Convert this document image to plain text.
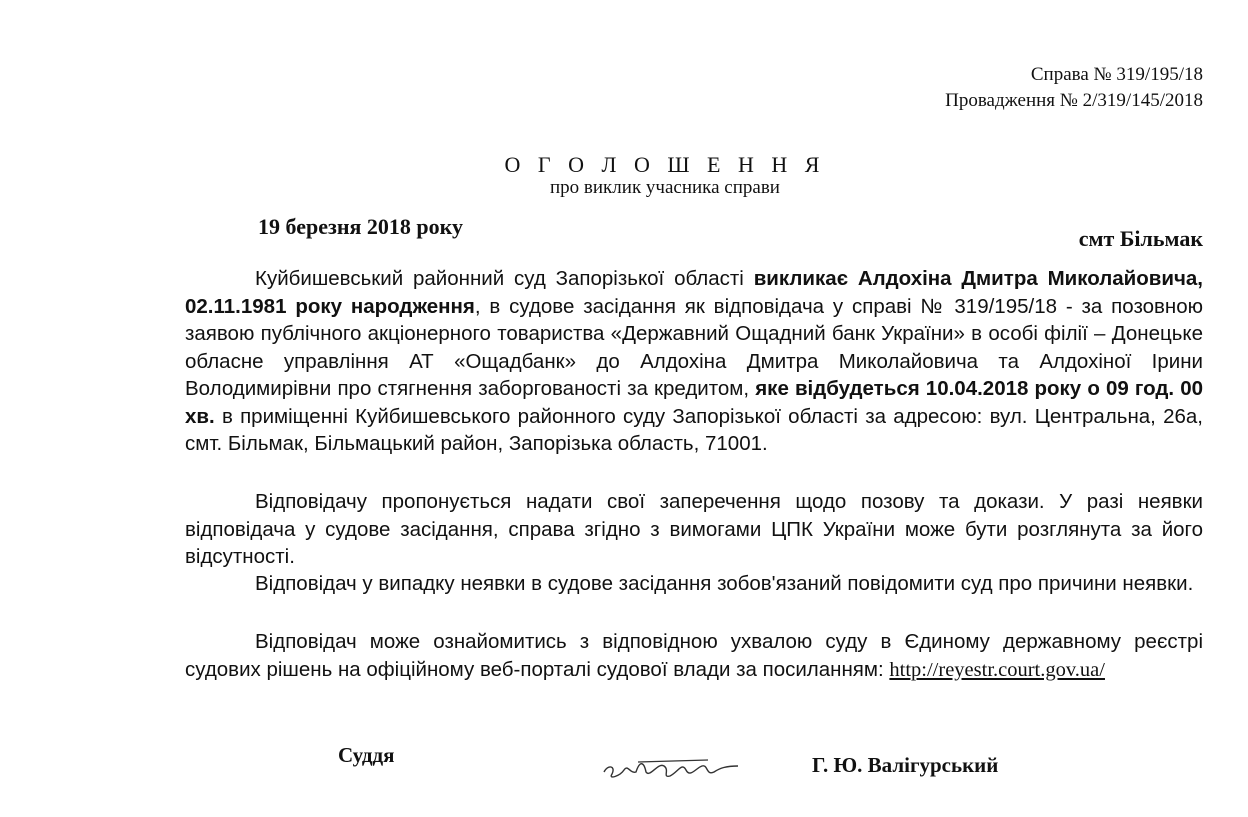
Справа № 319/195/18
Провадження № 2/319/145/2018
О Г О Л О Ш Е Н Н Я
про виклик учасника справи
19 березня 2018 року	смт Більмак
Куйбишевський районний суд Запорізької області викликає Алдохіна Дмитра Миколайовича, 02.11.1981 року народження, в судове засідання як відповідача у справі № 319/195/18 - за позовною заявою публічного акціонерного товариства «Державний Ощадний банк України» в особі філії – Донецьке обласне управління АТ «Ощадбанк» до Алдохіна Дмитра Миколайовича та Алдохіної Ірини Володимирівни про стягнення заборгованості за кредитом, яке відбудеться 10.04.2018 року о 09 год. 00 хв. в приміщенні Куйбишевського районного суду Запорізької області за адресою: вул. Центральна, 26а, смт. Більмак, Більмацький район, Запорізька область, 71001.
Відповідачу пропонується надати свої заперечення щодо позову та докази. У разі неявки відповідача у судове засідання, справа згідно з вимогами ЦПК України може бути розглянута за його відсутності.
Відповідач у випадку неявки в судове засідання зобов'язаний повідомити суд про причини неявки.
Відповідач може ознайомитись з відповідною ухвалою суду в Єдиному державному реєстрі судових рішень на офіційному веб-порталі судової влади за посиланням: http://reyestr.court.gov.ua/
Суддя	Г. Ю. Валігурський
